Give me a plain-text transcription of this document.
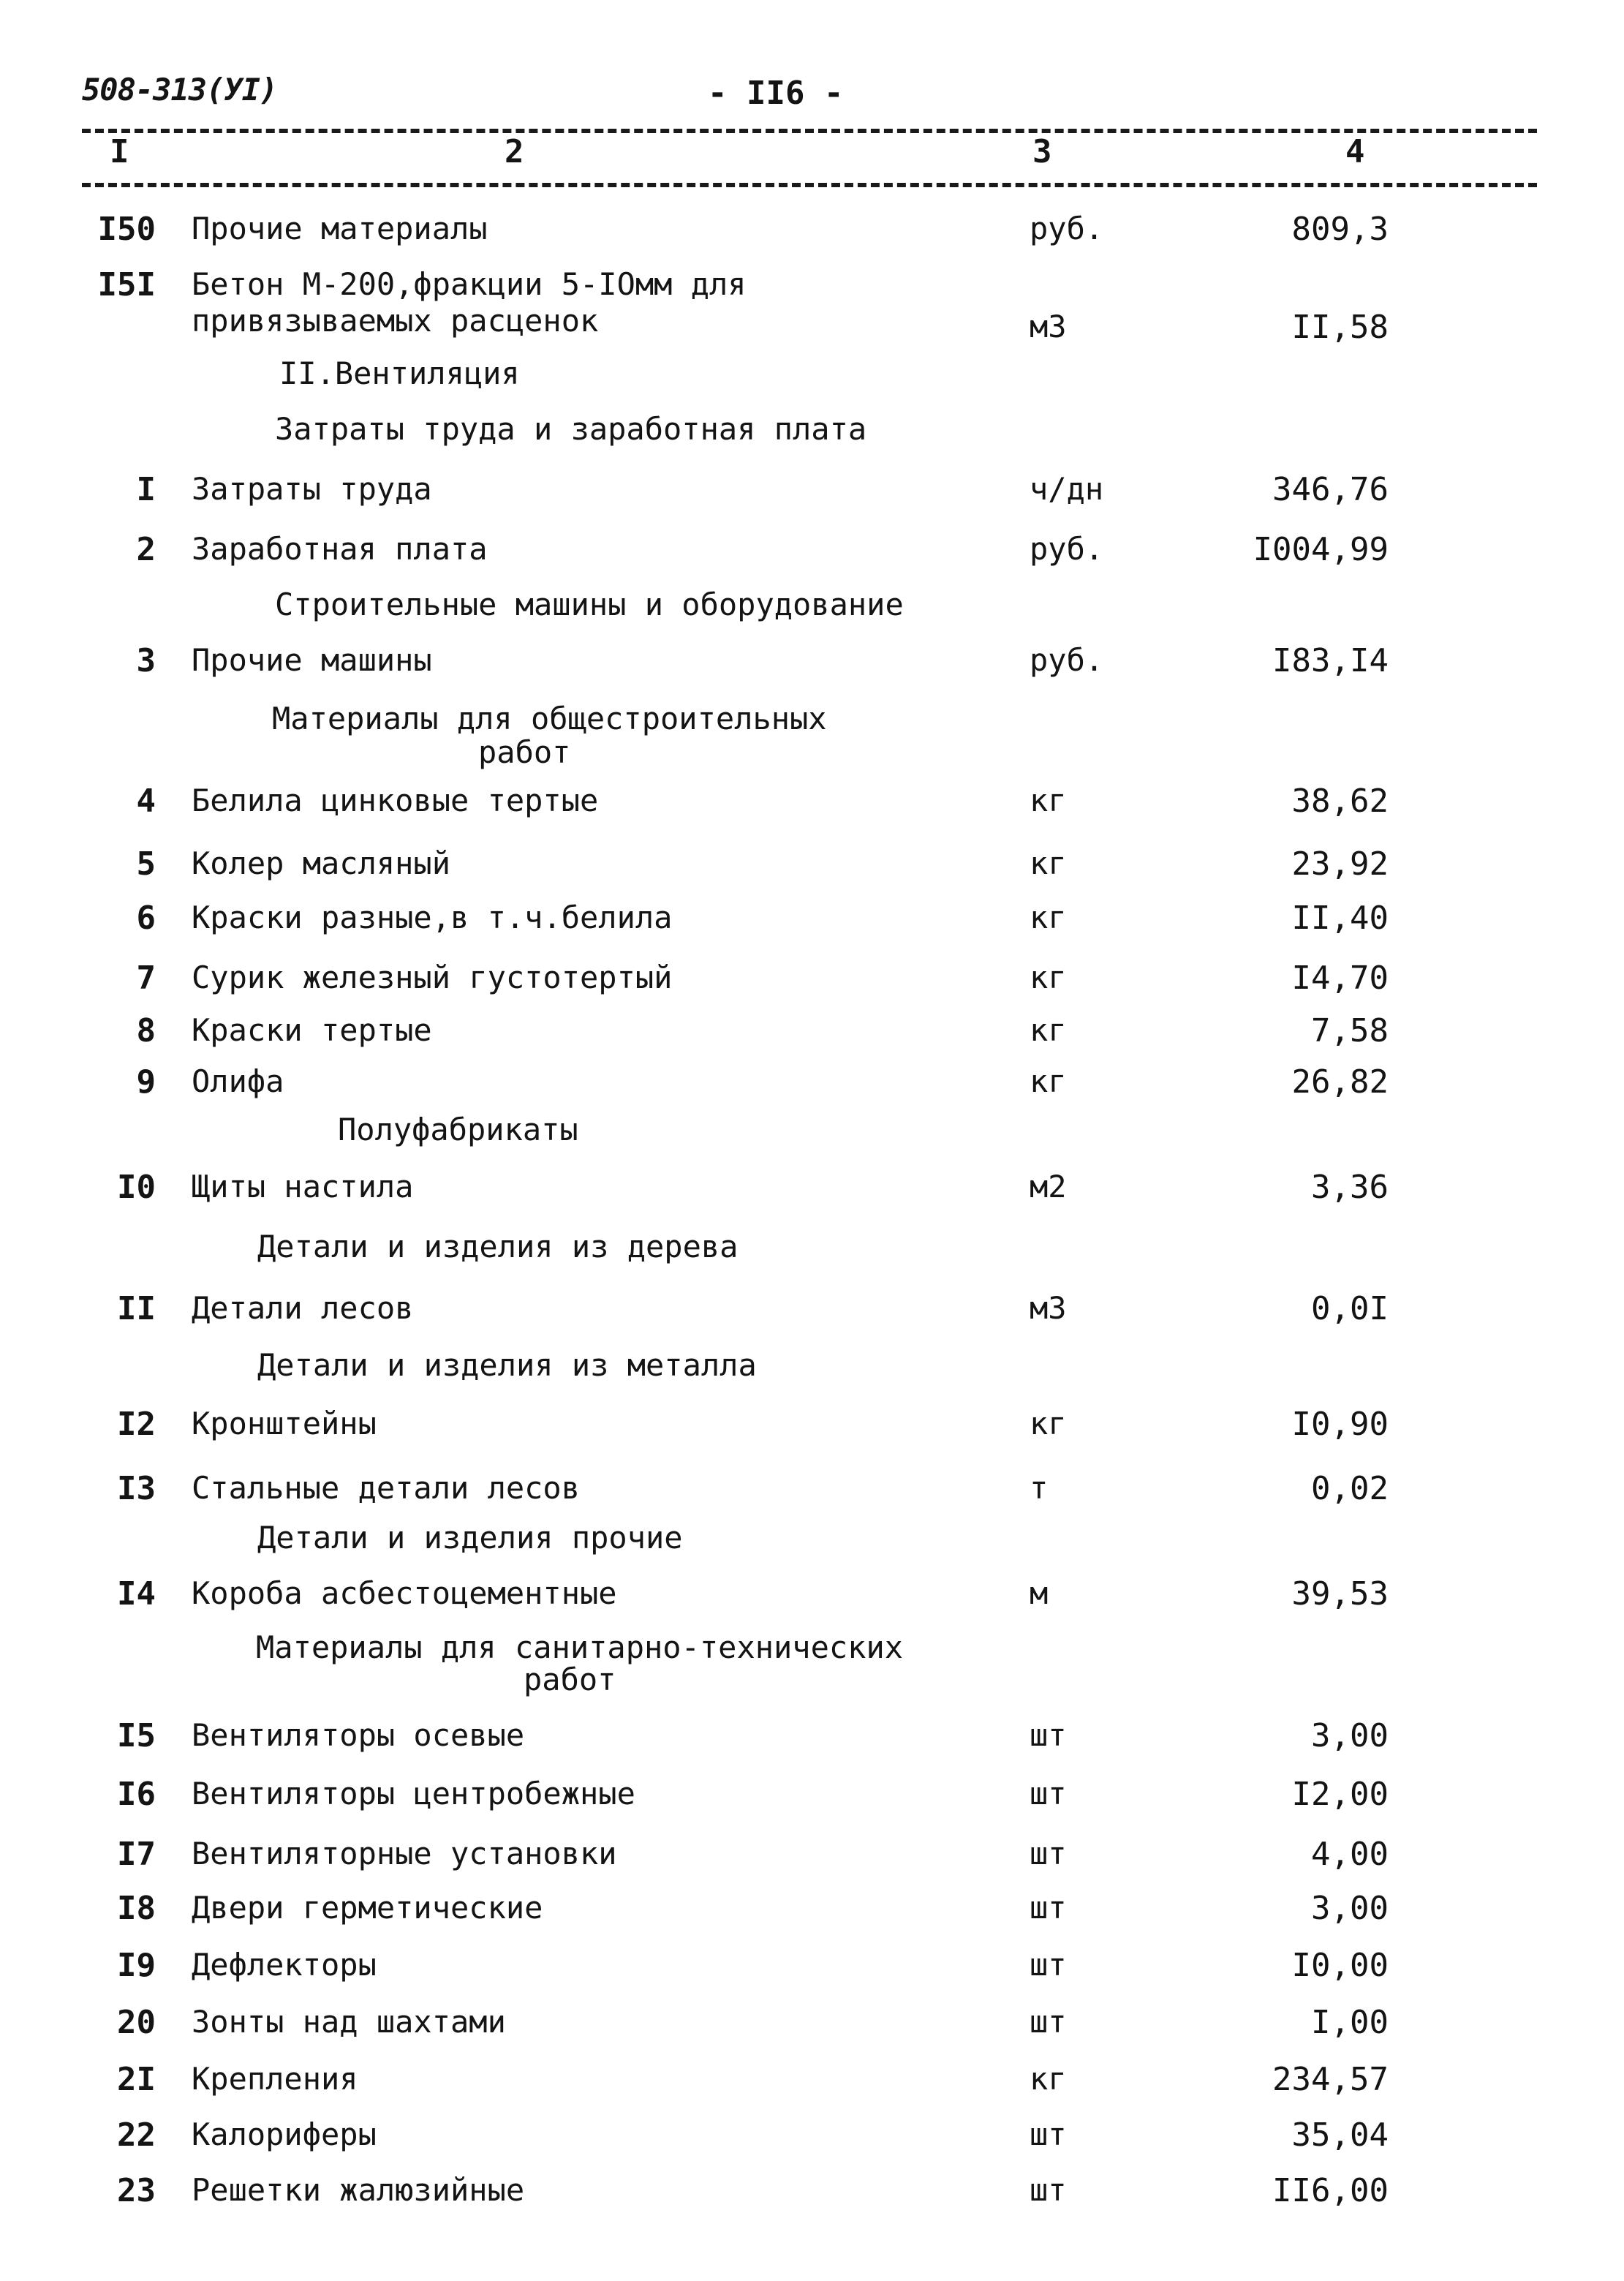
508-313(УI)	- II6 -
I	2	3	4
I50 Прочие материалы	руб.	809,3
I5I Бетон М-200,фракции 5-IOмм для
привязываемых расценок	м3	II,58
II.Вентиляция
Затраты труда и заработная плата
I Затраты труда	ч/дн	346,76
2 Заработная плата	руб.	I004,99
Строительные машины и оборудование
3 Прочие машины	руб.	I83,I4
Материалы для общестроительных
работ
4 Белила цинковые тертые	кг	38,62
5 Колер масляный	кг	23,92
6 Краски разные,в т.ч.белила	кг	II,40
7 Сурик железный густотертый	кг	I4,70
8 Краски тертые	кг	7,58
9 Олифа	кг	26,82
Полуфабрикаты
I0 Щиты настила	м2	3,36
Детали и изделия из дерева
II Детали лесов	м3	0,0I
Детали и изделия из металла
I2 Кронштейны	кг	I0,90
I3 Стальные детали лесов	т	0,02
Детали и изделия прочие
I4 Короба асбестоцементные	м	39,53
Материалы для санитарно-технических
работ
I5 Вентиляторы осевые	шт	3,00
I6 Вентиляторы центробежные	шт	I2,00
I7 Вентиляторные установки	шт	4,00
I8 Двери герметические	шт	3,00
I9 Дефлекторы	шт	I0,00
20 Зонты над шахтами	шт	I,00
2I Крепления	кг	234,57
22 Калориферы	шт	35,04
23 Решетки жалюзийные	шт	II6,00
